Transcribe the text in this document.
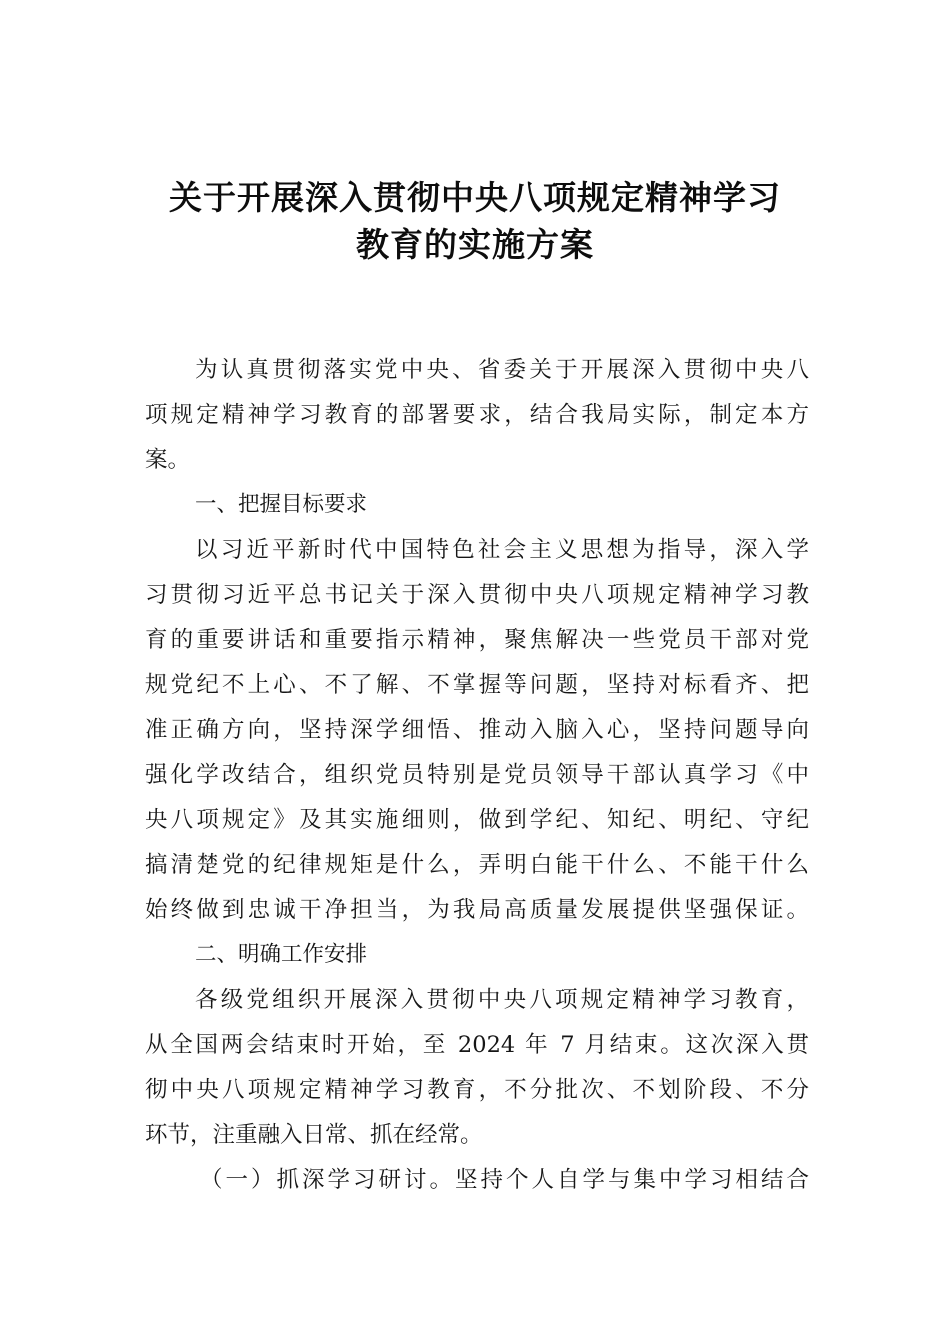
关于开展深入贯彻中央八项规定精神学习
教育的实施方案
为认真贯彻落实党中央、省委关于开展深入贯彻中央八
项规定精神学习教育的部署要求，结合我局实际，制定本方
案。
一、把握目标要求
以习近平新时代中国特色社会主义思想为指导，深入学
习贯彻习近平总书记关于深入贯彻中央八项规定精神学习教
育的重要讲话和重要指示精神，聚焦解决一些党员干部对党
规党纪不上心、不了解、不掌握等问题，坚持对标看齐、把
准正确方向，坚持深学细悟、推动入脑入心，坚持问题导向
强化学改结合，组织党员特别是党员领导干部认真学习《中
央八项规定》及其实施细则，做到学纪、知纪、明纪、守纪
搞清楚党的纪律规矩是什么，弄明白能干什么、不能干什么
始终做到忠诚干净担当，为我局高质量发展提供坚强保证。
二、明确工作安排
各级党组织开展深入贯彻中央八项规定精神学习教育，
从全国两会结束时开始，至 2024 年 7 月结束。这次深入贯
彻中央八项规定精神学习教育，不分批次、不划阶段、不分
环节，注重融入日常、抓在经常。
（一）抓深学习研讨。坚持个人自学与集中学习相结合
